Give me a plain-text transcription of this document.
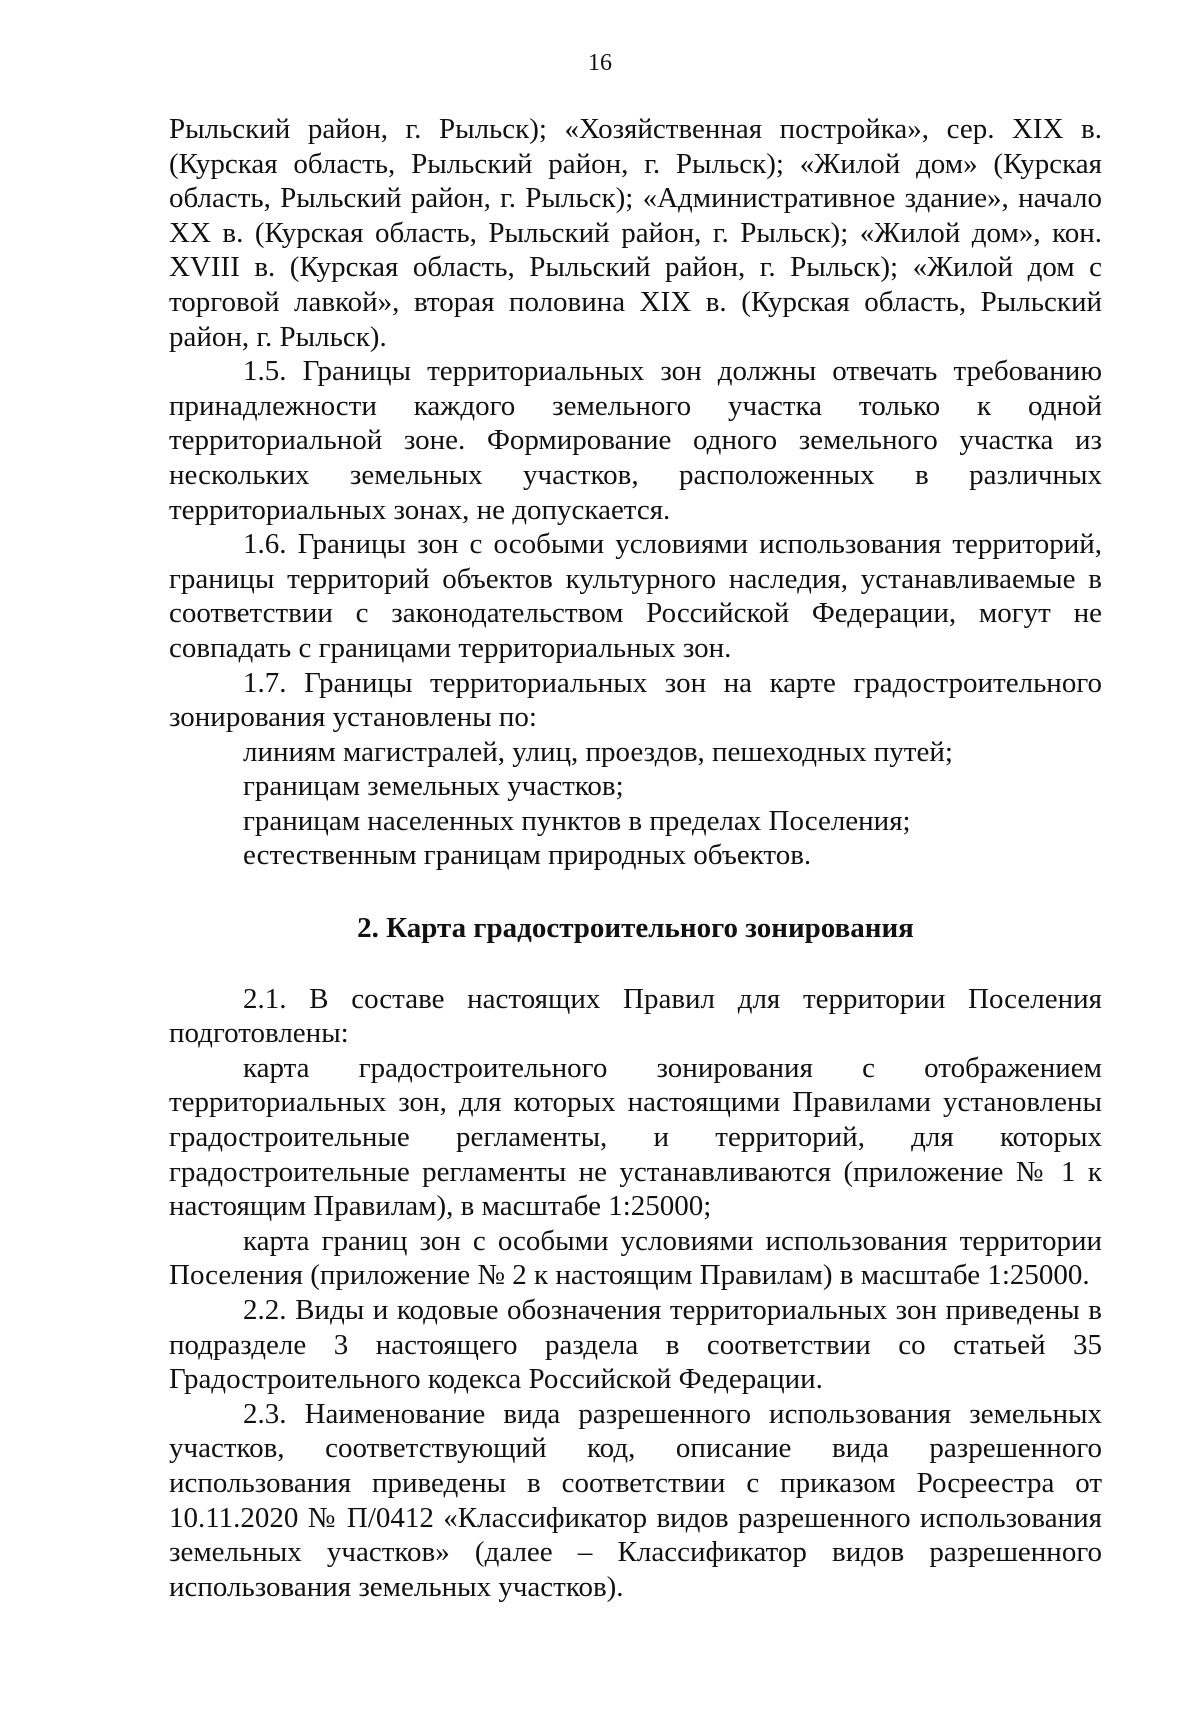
16

Рыльский район, г. Рыльск); «Хозяйственная постройка», сер. XIX в. (Курская область, Рыльский район, г. Рыльск); «Жилой дом» (Курская область, Рыльский район, г. Рыльск); «Административное здание», начало XX в. (Курская область, Рыльский район, г. Рыльск); «Жилой дом», кон. XVIII в. (Курская область, Рыльский район, г. Рыльск); «Жилой дом с торговой лавкой», вторая половина XIX в. (Курская область, Рыльский район, г. Рыльск).

1.5. Границы территориальных зон должны отвечать требованию принадлежности каждого земельного участка только к одной территориальной зоне. Формирование одного земельного участка из нескольких земельных участков, расположенных в различных территориальных зонах, не допускается.

1.6. Границы зон с особыми условиями использования территорий, границы территорий объектов культурного наследия, устанавливаемые в соответствии с законодательством Российской Федерации, могут не совпадать с границами территориальных зон.

1.7. Границы территориальных зон на карте градостроительного зонирования установлены по:

линиям магистралей, улиц, проездов, пешеходных путей;

границам земельных участков;

границам населенных пунктов в пределах Поселения;

естественным границам природных объектов.

2. Карта градостроительного зонирования

2.1. В составе настоящих Правил для территории Поселения подготовлены:

карта градостроительного зонирования с отображением территориальных зон, для которых настоящими Правилами установлены градостроительные регламенты, и территорий, для которых градостроительные регламенты не устанавливаются (приложение № 1 к настоящим Правилам), в масштабе 1:25000;

карта границ зон с особыми условиями использования территории Поселения (приложение № 2 к настоящим Правилам) в масштабе 1:25000.

2.2. Виды и кодовые обозначения территориальных зон приведены в подразделе 3 настоящего раздела в соответствии со статьей 35 Градостроительного кодекса Российской Федерации.

2.3. Наименование вида разрешенного использования земельных участков, соответствующий код, описание вида разрешенного использования приведены в соответствии с приказом Росреестра от 10.11.2020 № П/0412 «Классификатор видов разрешенного использования земельных участков» (далее – Классификатор видов разрешенного использования земельных участков).
